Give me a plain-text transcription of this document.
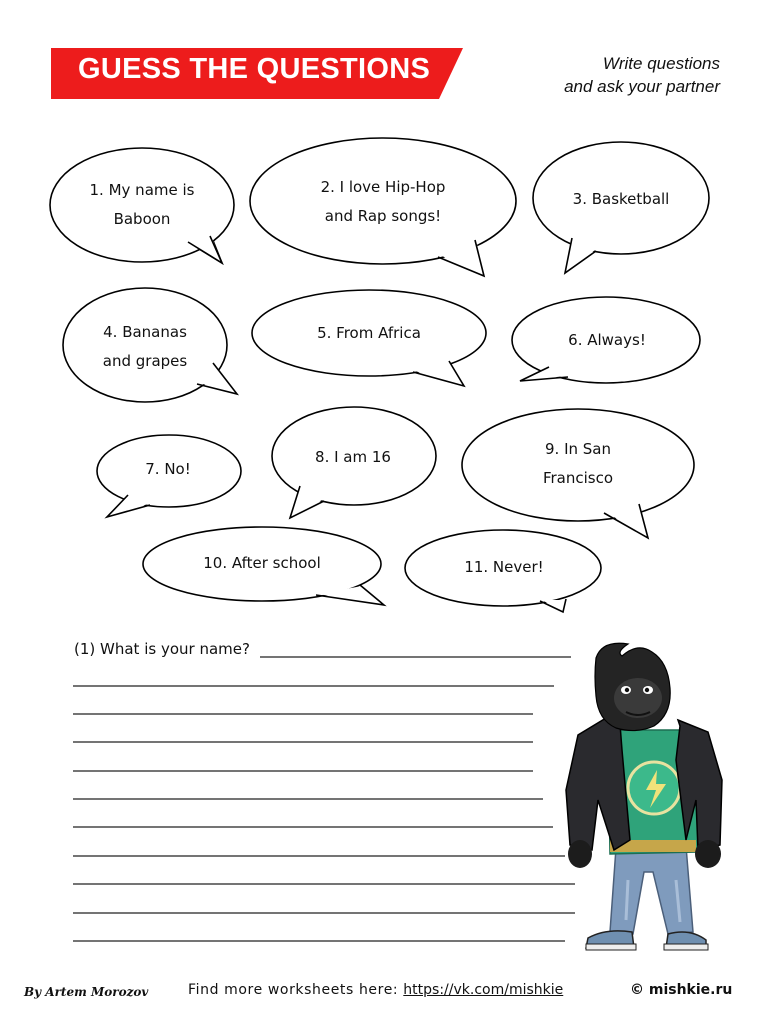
GUESS THE QUESTIONS	Write questions
and ask your partner
1. My name is
Baboon
2. I love Hip-Hop
and Rap songs!
3. Basketball
4. Bananas
and grapes
5. From Africa	6. Always!
7. No!
8. I am 16	9. In San
Francisco
10. After school	11. Never!
(1) What is your name?
By Artem Morozov	Find more worksheets here: https://vk.com/mishkie	© mishkie.ru
